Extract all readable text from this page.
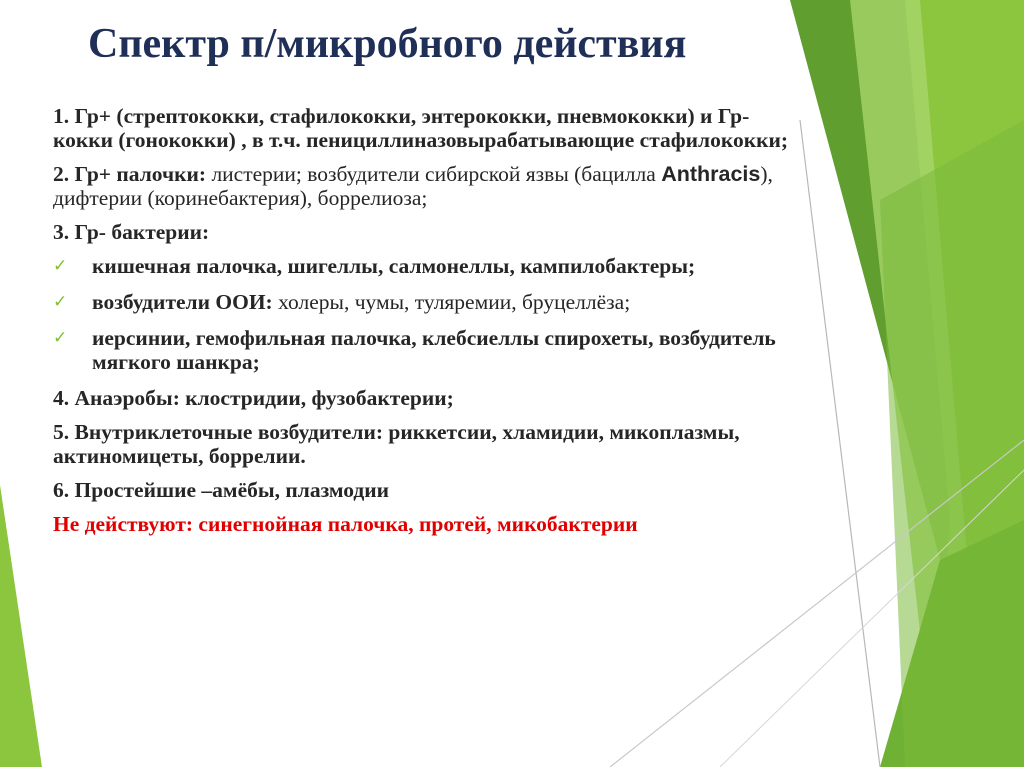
Спектр п/микробного действия

1. Гр+ (стрептококки, стафилококки, энтерококки, пневмококки) и Гр- кокки (гонококки) , в т.ч. пенициллиназовырабатывающие стафилококки;

2. Гр+ палочки: листерии; возбудители сибирской язвы (бацилла Anthracis), дифтерии (коринебактерия), боррелиоза;

3. Гр- бактерии:

✓ кишечная палочка, шигеллы, салмонеллы, кампилобактеры;

✓ возбудители ООИ: холеры, чумы, туляремии, бруцеллёза;

✓ иерсинии, гемофильная палочка, клебсиеллы спирохеты, возбудитель мягкого шанкра;

4. Анаэробы: клостридии, фузобактерии;

5. Внутриклеточные возбудители: риккетсии, хламидии, микоплазмы, актиномицеты, боррелии.

6. Простейшие –амёбы, плазмодии

Не действуют: синегнойная палочка, протей, микобактерии
